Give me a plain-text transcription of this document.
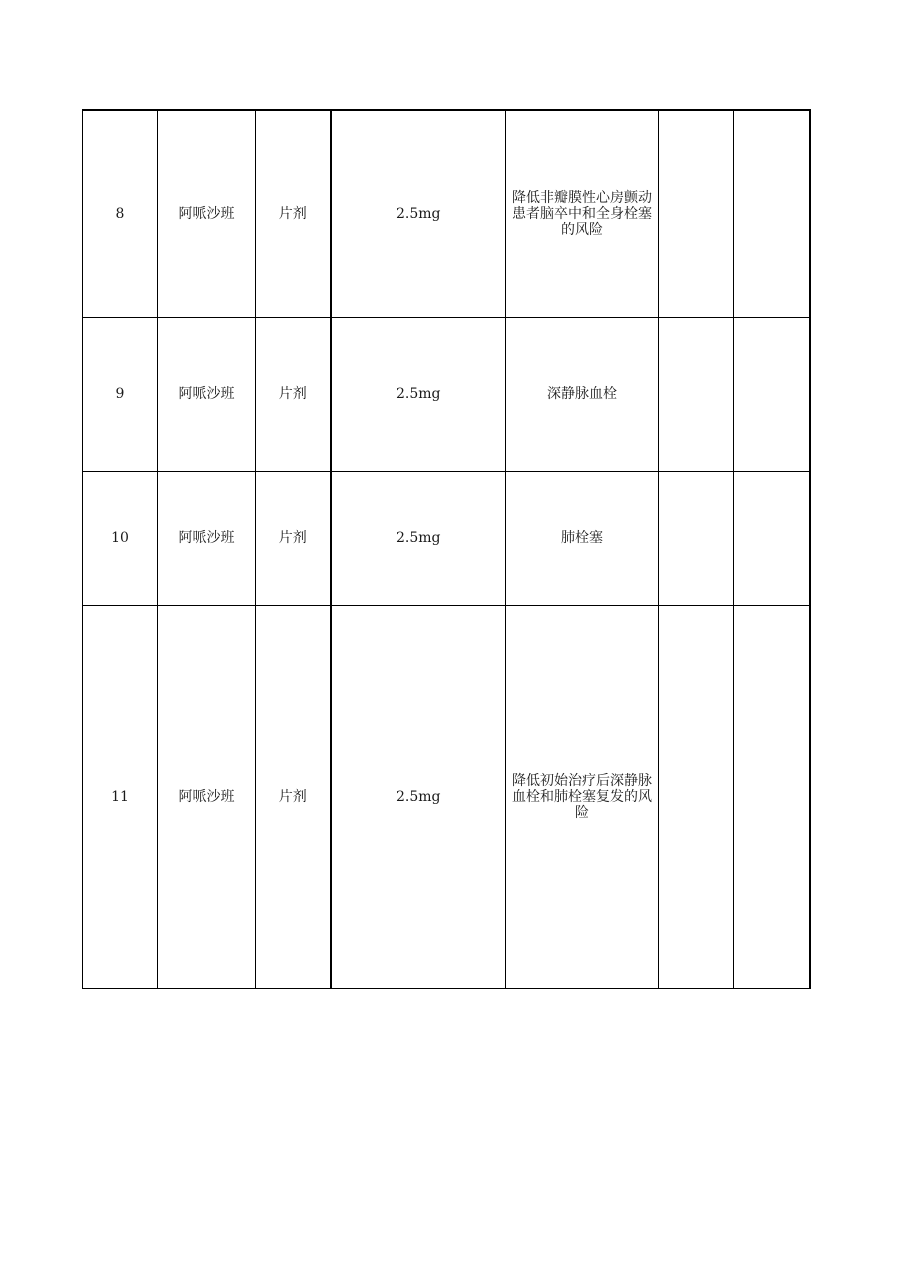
8	阿哌沙班	片剂	2.5mg	降低非瓣膜性心房颤动患者脑卒中和全身栓塞的风险		
9	阿哌沙班	片剂	2.5mg	深静脉血栓		
10	阿哌沙班	片剂	2.5mg	肺栓塞		
11	阿哌沙班	片剂	2.5mg	降低初始治疗后深静脉血栓和肺栓塞复发的风险		
